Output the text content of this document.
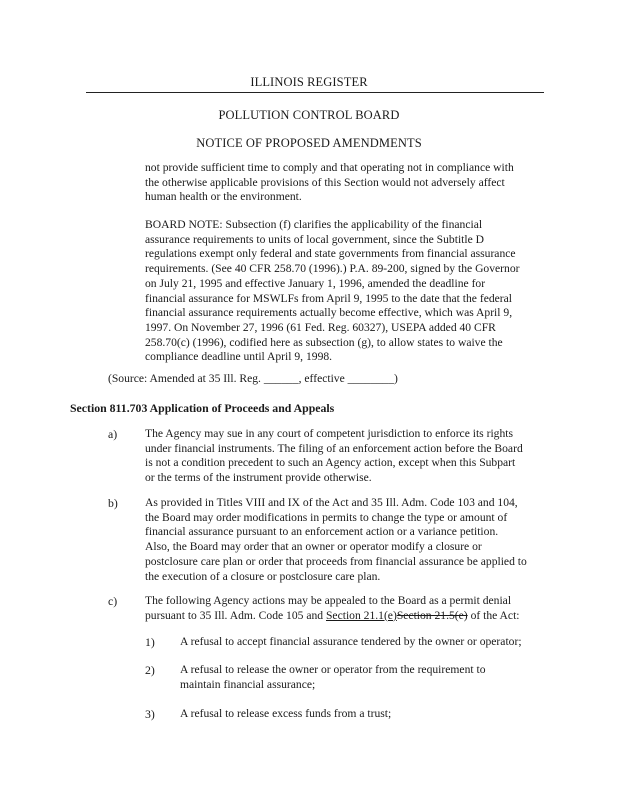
ILLINOIS REGISTER
POLLUTION CONTROL BOARD
NOTICE OF PROPOSED AMENDMENTS
not provide sufficient time to comply and that operating not in compliance with
the otherwise applicable provisions of this Section would not adversely affect
human health or the environment.
BOARD NOTE: Subsection (f) clarifies the applicability of the financial
assurance requirements to units of local government, since the Subtitle D
regulations exempt only federal and state governments from financial assurance
requirements. (See 40 CFR 258.70 (1996).) P.A. 89-200, signed by the Governor
on July 21, 1995 and effective January 1, 1996, amended the deadline for
financial assurance for MSWLFs from April 9, 1995 to the date that the federal
financial assurance requirements actually become effective, which was April 9,
1997. On November 27, 1996 (61 Fed. Reg. 60327), USEPA added 40 CFR
258.70(c) (1996), codified here as subsection (g), to allow states to waive the
compliance deadline until April 9, 1998.
(Source: Amended at 35 Ill. Reg. ______, effective ________)
Section 811.703 Application of Proceeds and Appeals
a) The Agency may sue in any court of competent jurisdiction to enforce its rights
under financial instruments. The filing of an enforcement action before the Board
is not a condition precedent to such an Agency action, except when this Subpart
or the terms of the instrument provide otherwise.
b) As provided in Titles VIII and IX of the Act and 35 Ill. Adm. Code 103 and 104,
the Board may order modifications in permits to change the type or amount of
financial assurance pursuant to an enforcement action or a variance petition.
Also, the Board may order that an owner or operator modify a closure or
postclosure care plan or order that proceeds from financial assurance be applied to
the execution of a closure or postclosure care plan.
c) The following Agency actions may be appealed to the Board as a permit denial
pursuant to 35 Ill. Adm. Code 105 and Section 21.1(e)Section 21.5(e) of the Act:
1) A refusal to accept financial assurance tendered by the owner or operator;
2) A refusal to release the owner or operator from the requirement to
maintain financial assurance;
3) A refusal to release excess funds from a trust;
